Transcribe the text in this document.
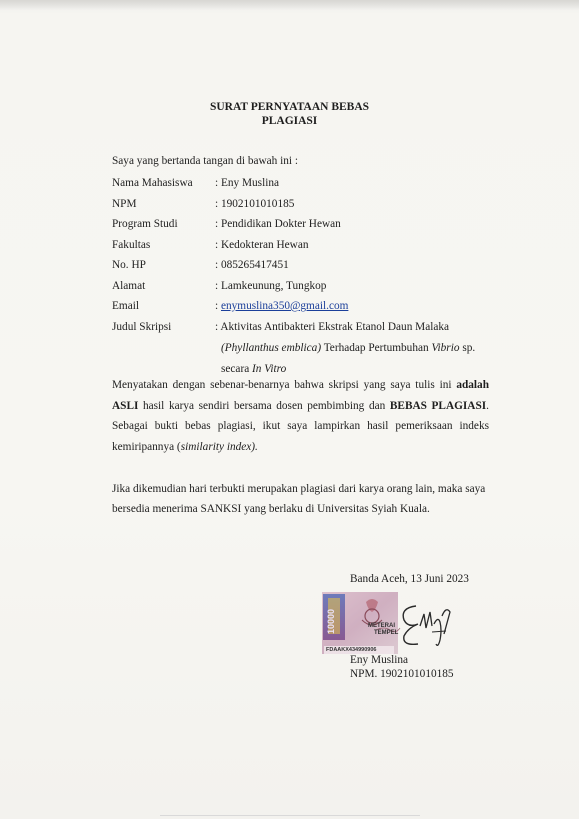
SURAT PERNYATAAN BEBAS
PLAGIASI
Saya yang bertanda tangan di bawah ini :
Nama Mahasiswa : Eny Muslina
NPM	: 1902101010185
Program Studi	: Pendidikan Dokter Hewan
Fakultas	: Kedokteran Hewan
No. HP	: 085265417451
Alamat	: Lamkeunung, Tungkop
Email	: enymuslina350@gmail.com
Judul Skripsi	: Aktivitas Antibakteri Ekstrak Etanol Daun Malaka
(Phyllanthus emblica) Terhadap Pertumbuhan Vibrio sp.
secara In Vitro
Menyatakan dengan sebenar-benarnya bahwa skripsi yang saya tulis ini adalah ASLI hasil karya sendiri bersama dosen pembimbing dan BEBAS PLAGIASI. Sebagai bukti bebas plagiasi, ikut saya lampirkan hasil pemeriksaan indeks kemiripannya (similarity index).
Jika dikemudian hari terbukti merupakan plagiasi dari karya orang lain, maka saya bersedia menerima SANKSI yang berlaku di Universitas Syiah Kuala.
Banda Aceh, 13 Juni 2023
10000	METERAI
TEMPEL
FDAAKX434990906
Eny Muslina
NPM. 1902101010185
